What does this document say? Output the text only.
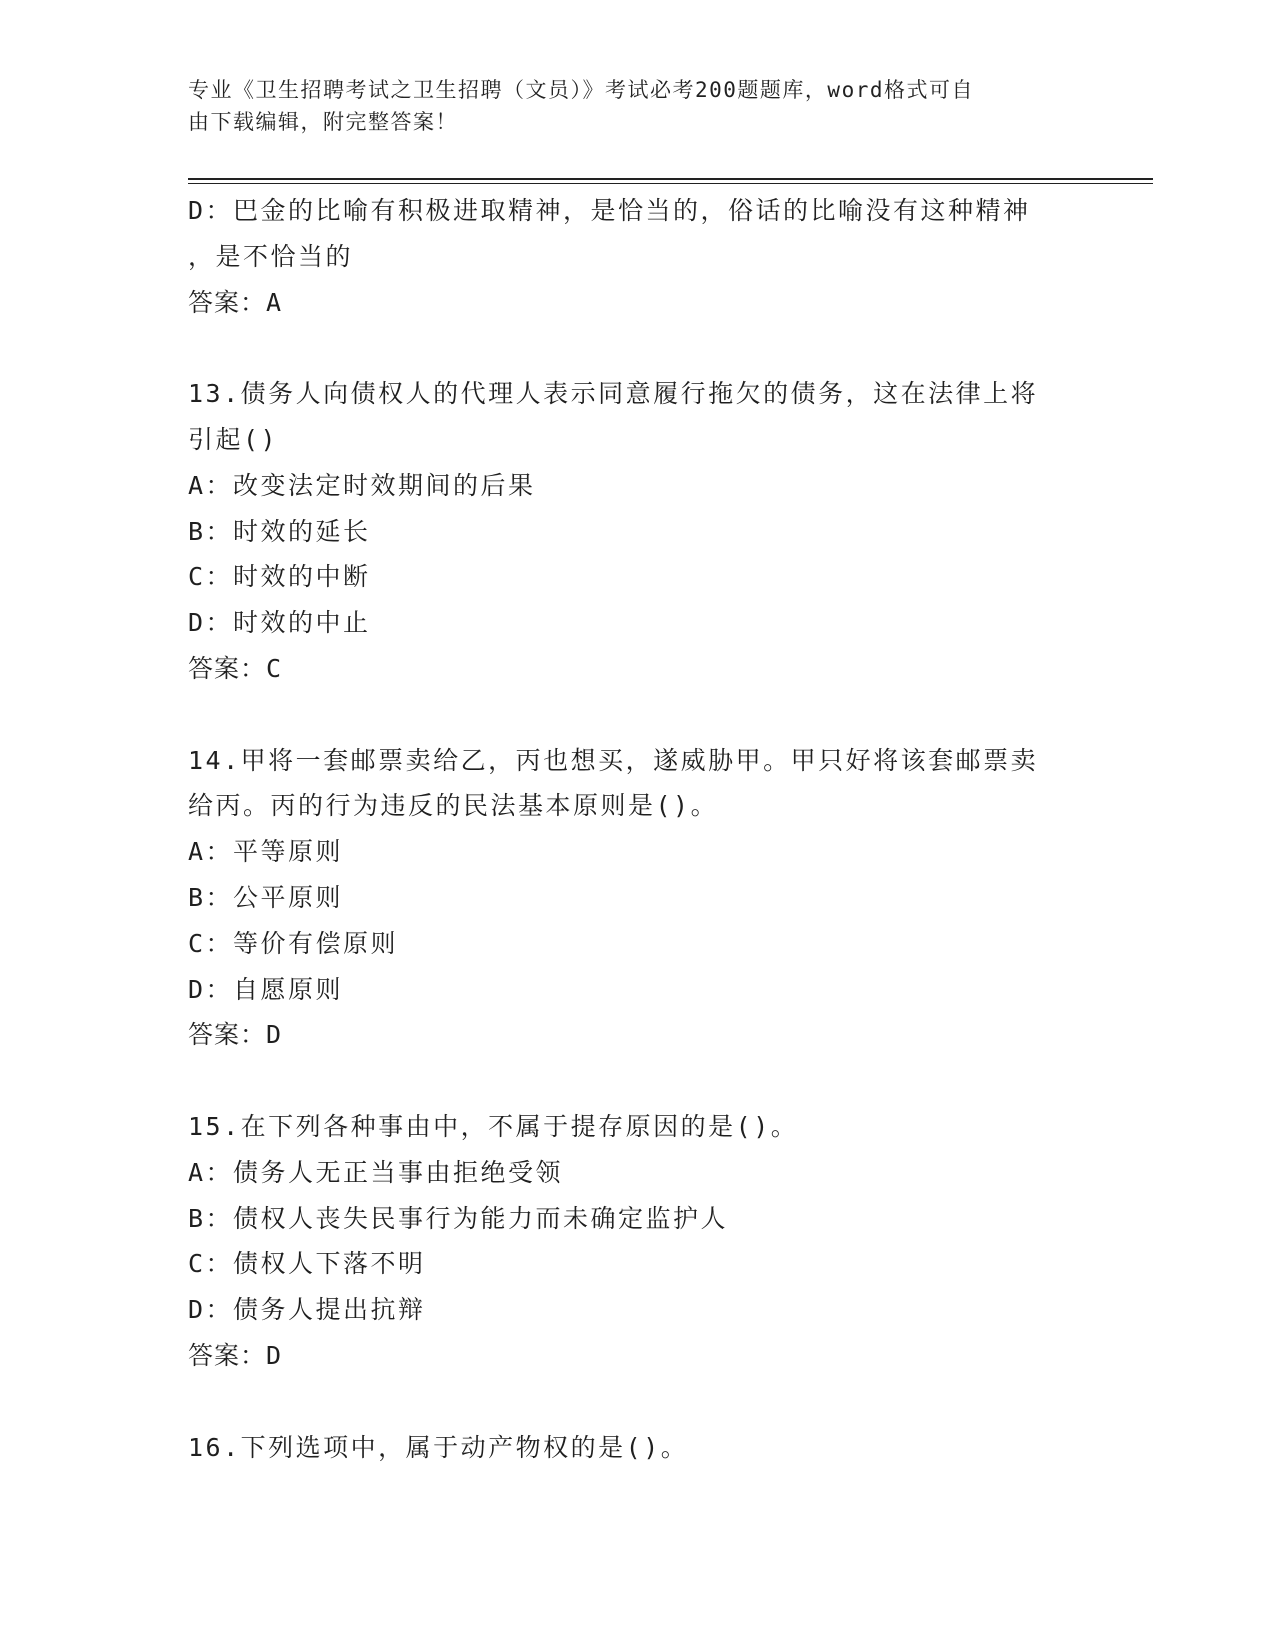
专业《卫生招聘考试之卫生招聘（文员）》考试必考200题题库，word格式可自
由下载编辑，附完整答案！

D：巴金的比喻有积极进取精神，是恰当的，俗话的比喻没有这种精神
，是不恰当的
答案：A
13.债务人向债权人的代理人表示同意履行拖欠的债务，这在法律上将
引起()
A：改变法定时效期间的后果
B：时效的延长
C：时效的中断
D：时效的中止
答案：C
14.甲将一套邮票卖给乙，丙也想买，遂威胁甲。甲只好将该套邮票卖
给丙。丙的行为违反的民法基本原则是()。
A：平等原则
B：公平原则
C：等价有偿原则
D：自愿原则
答案：D
15.在下列各种事由中，不属于提存原因的是()。
A：债务人无正当事由拒绝受领
B：债权人丧失民事行为能力而未确定监护人
C：债权人下落不明
D：债务人提出抗辩
答案：D
16.下列选项中，属于动产物权的是()。
